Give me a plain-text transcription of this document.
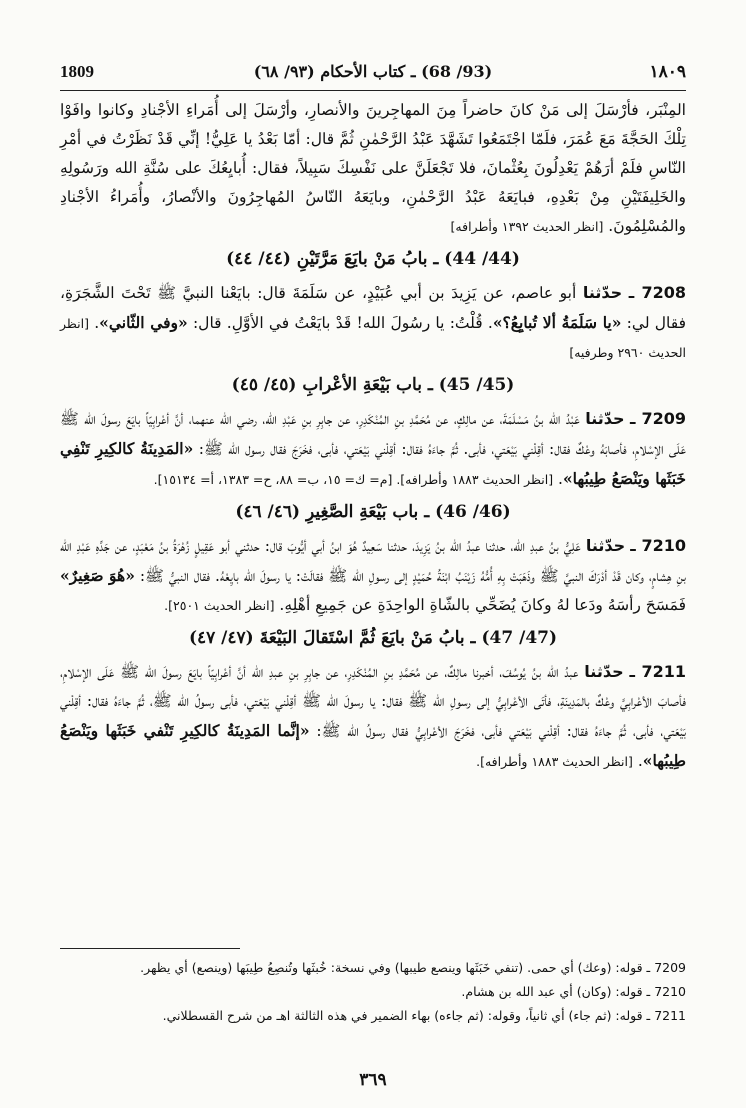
1809	(93/ 68) ـ كتاب الأحكام (٩٣/ ٦٨)	١٨٠٩

المِنْبَر، فأرْسَلَ إلى مَنْ كانَ حاضراً مِنَ المهاجِرينَ والأنصارِ، وأرْسَلَ إلى أُمَراءِ الأجْنادِ وكانوا وافَوْا تِلْكَ الحَجَّةَ مَعَ عُمَرَ، فلَمّا اجْتَمَعُوا تَشَهَّدَ عَبْدُ الرَّحْمٰنِ ثُمَّ قال: أمّا بَعْدُ يا عَلِيُّ! إنِّي قَدْ نَظَرْتُ في أمْرِ النّاسِ فلَمْ أرَهُمْ يَعْدِلُونَ بِعُثْمانَ، فلا تَجْعَلَنَّ على نَفْسِكَ سَبِيلاً، فقال: أُبايِعُكَ على سُنَّةِ الله ورَسُولِهِ والخَلِيفَتَيْنِ مِنْ بَعْدِهِ، فبايَعَهُ عَبْدُ الرَّحْمٰنِ، وبايَعَهُ النّاسُ المُهاجِرُونَ والأنْصارُ، وأُمَراءُ الأجْنادِ والمُسْلِمُونَ. [انظر الحديث ١٣٩٢ وأطرافه]

(44/ 44) ـ بابُ مَنْ بايَعَ مَرَّتَيْنِ (٤٤/ ٤٤)

7208 ـ حدّثنا أبو عاصم، عن يَزِيدَ بن أبي عُبَيْدٍ، عن سَلَمَةَ قال: بايَعْنا النبيَّ ﷺ تَحْتَ الشَّجَرَةِ، فقال لي: «يا سَلَمَةُ ألا تُبايِعُ؟». قُلْتُ: يا رسُولَ الله! قَدْ بايَعْتُ في الأوَّلِ. قال: «وفي الثّاني». [انظر الحديث ٢٩٦٠ وطرفيه]

(45/ 45) ـ باب بَيْعَةِ الأعْرابِ (٤٥/ ٤٥)

7209 ـ حدّثنا عَبْدُ الله بنُ مَسْلَمَةَ، عن مالِكٍ، عن مُحَمَّدِ بنِ المُنْكَدِرِ، عن جابِرِ بنِ عَبْدِ الله، رضي الله عنهما، أنَّ أعْرابِيّاً بايَعَ رسولَ الله ﷺ عَلَى الإسْلامِ، فأصابَهُ وعْكٌ فقال: أقِلْني بَيْعَتي، فأبى. ثُمَّ جاءَهُ فقال: أقِلْني بَيْعَتي، فأبى، فخَرَجَ فقال رسول الله ﷺ: «المَدِينَةُ كالكِيرِ تَنْفِي خَبَثَها ويَنْصَعُ طِيبُها». [انظر الحديث ١٨٨٣ وأطرافه]. [م= ك= ١٥، ب= ٨٨، ح= ١٣٨٣، أ= ١٥١٣٤].

(46/ 46) ـ باب بَيْعَةِ الصَّغِيرِ (٤٦/ ٤٦)

7210 ـ حدّثنا عَلِيُّ بنُ عبدِ الله، حدثنا عبدُ الله بنُ يَزِيدَ، حدثنا سَعِيدٌ هُوَ ابنُ أبي أيُّوبَ قال: حدثني أبو عَقِيلٍ زُهْرَةُ بنُ مَعْبَدٍ، عن جَدِّهِ عَبْدِ الله بنِ هِشامٍ، وكان قَدْ أدْرَكَ النبيَّ ﷺ وذَهَبَتْ بِهِ أُمُّهُ زَيْنَبُ ابْنَةُ حُمَيْدٍ إلى رسولِ الله ﷺ فقالَتْ: يا رسولَ الله بايِعْهُ. فقال النبيُّ ﷺ: «هُوَ صَغِيرٌ» فَمَسَحَ رأسَهُ ودَعا لهُ وكانَ يُضَحِّي بالشّاةِ الواحِدَةِ عن جَمِيعِ أهْلِهِ. [انظر الحديث ٢٥٠١].

(47/ 47) ـ بابُ مَنْ بايَعَ ثُمَّ اسْتَقالَ البَيْعَةَ (٤٧/ ٤٧)

7211 ـ حدّثنا عبدُ الله بنُ يُوسُفَ، أخبرنا مالِكٌ، عن مُحَمَّدِ بنِ المُنْكَدِرِ، عن جابِرِ بنِ عبدِ الله أنَّ أعْرابِيّاً بايَعَ رسولَ الله ﷺ عَلَى الإسْلامِ، فأصابَ الأعْرابِيَّ وعْكٌ بالمَدِينَةِ، فأتَى الأعْرابِيُّ إلى رسولِ الله ﷺ فقال: يا رسولَ الله ﷺ أقِلْني بَيْعَتي، فأبى رسولُ الله ﷺ، ثُمَّ جاءَهُ فقال: أقِلْني بَيْعَتي، فأبى، ثُمَّ جاءَهُ فقال: أقِلْني بَيْعَتي فأبى، فخَرَجَ الأعْرابِيُّ فقال رسولُ الله ﷺ: «إنَّما المَدِينَةُ كالكِيرِ تَنْفي خَبَثَها ويَنْصَعُ طِيبُها». [انظر الحديث ١٨٨٣ وأطرافه].

7209 ـ قوله: (وعك) أي حمى. (تنفي خَبَثَها وينصع طيبها) وفي نسخة: خُبثَها وتُنصِعُ طِيبَها (وينصع) أي يظهر.

7210 ـ قوله: (وكان) أي عبد الله بن هشام.

7211 ـ قوله: (ثم جاء) أي ثانياً، وقوله: (ثم جاءه) بهاء الضمير في هذه الثالثة اهـ من شرح القسطلاني.

٣٦٩
